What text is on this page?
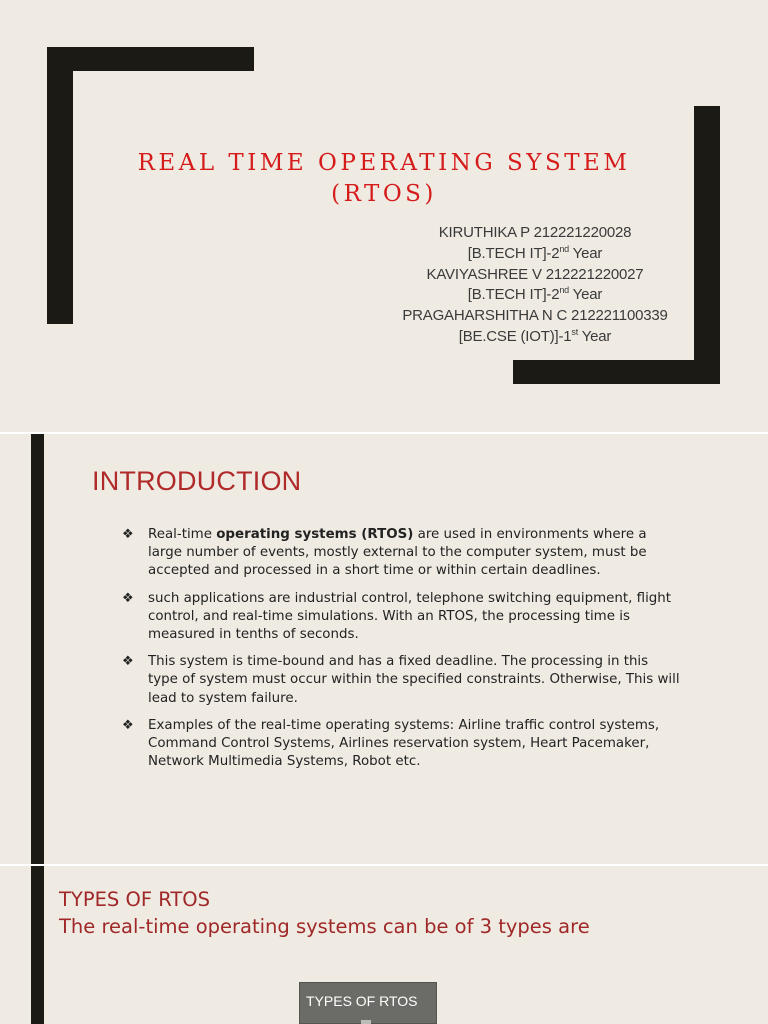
REAL TIME OPERATING SYSTEM
(RTOS)
KIRUTHIKA P 212221220028
[B.TECH IT]-2nd Year
KAVIYASHREE V 212221220027
[B.TECH IT]-2nd Year
PRAGAHARSHITHA N C 212221100339
[BE.CSE (IOT)]-1st Year
INTRODUCTION
❖ Real-time operating systems (RTOS) are used in environments where a large number of events, mostly external to the computer system, must be accepted and processed in a short time or within certain deadlines.
❖ such applications are industrial control, telephone switching equipment, flight control, and real-time simulations. With an RTOS, the processing time is measured in tenths of seconds.
❖ This system is time-bound and has a fixed deadline. The processing in this type of system must occur within the specified constraints. Otherwise, This will lead to system failure.
❖ Examples of the real-time operating systems: Airline traffic control systems, Command Control Systems, Airlines reservation system, Heart Pacemaker, Network Multimedia Systems, Robot etc.
TYPES OF RTOS
The real-time operating systems can be of 3 types are
TYPES OF RTOS
